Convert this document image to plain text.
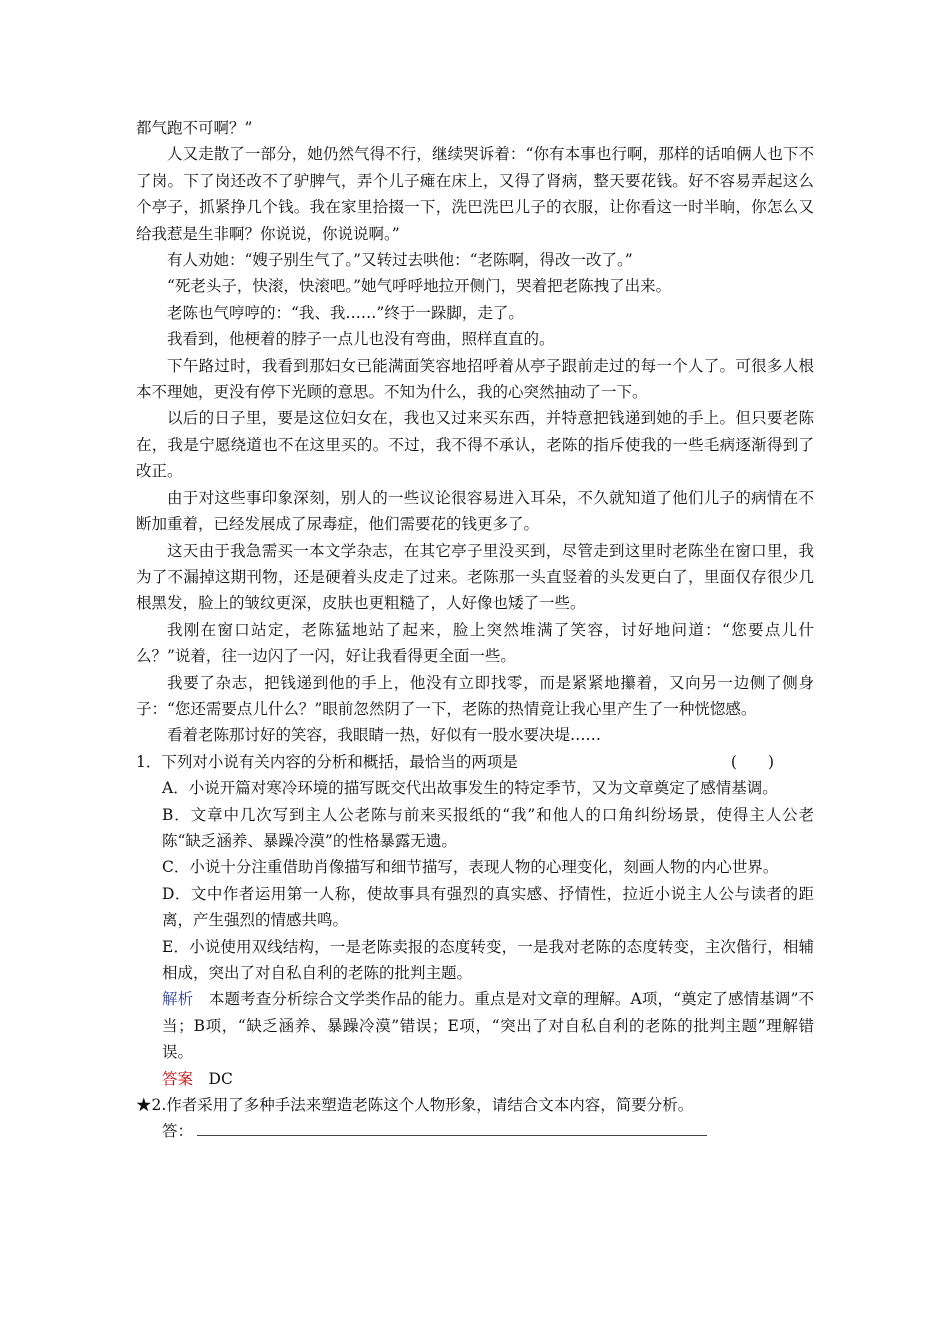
都气跑不可啊？”

人又走散了一部分，她仍然气得不行，继续哭诉着：“你有本事也行啊，那样的话咱俩人也下不了岗。下了岗还改不了驴脾气，弄个儿子瘫在床上，又得了肾病，整天要花钱。好不容易弄起这么个亭子，抓紧挣几个钱。我在家里拾掇一下，洗巴洗巴儿子的衣服，让你看这一时半晌，你怎么又给我惹是生非啊？你说说，你说说啊。”

有人劝她：“嫂子别生气了。”又转过去哄他：“老陈啊，得改一改了。”

“死老头子，快滚，快滚吧。”她气呼呼地拉开侧门，哭着把老陈拽了出来。

老陈也气哼哼的：“我、我……”终于一跺脚，走了。

我看到，他梗着的脖子一点儿也没有弯曲，照样直直的。

下午路过时，我看到那妇女已能满面笑容地招呼着从亭子跟前走过的每一个人了。可很多人根本不理她，更没有停下光顾的意思。不知为什么，我的心突然抽动了一下。

以后的日子里，要是这位妇女在，我也又过来买东西，并特意把钱递到她的手上。但只要老陈在，我是宁愿绕道也不在这里买的。不过，我不得不承认，老陈的指斥使我的一些毛病逐渐得到了改正。

由于对这些事印象深刻，别人的一些议论很容易进入耳朵，不久就知道了他们儿子的病情在不断加重着，已经发展成了尿毒症，他们需要花的钱更多了。

这天由于我急需买一本文学杂志，在其它亭子里没买到，尽管走到这里时老陈坐在窗口里，我为了不漏掉这期刊物，还是硬着头皮走了过来。老陈那一头直竖着的头发更白了，里面仅存很少几根黑发，脸上的皱纹更深，皮肤也更粗糙了，人好像也矮了一些。

我刚在窗口站定，老陈猛地站了起来，脸上突然堆满了笑容，讨好地问道：“您要点儿什么？”说着，往一边闪了一闪，好让我看得更全面一些。

我要了杂志，把钱递到他的手上，他没有立即找零，而是紧紧地攥着，又向另一边侧了侧身子：“您还需要点儿什么？”眼前忽然阴了一下，老陈的热情竟让我心里产生了一种恍惚感。

看着老陈那讨好的笑容，我眼睛一热，好似有一股水要决堤……

1．下列对小说有关内容的分析和概括，最恰当的两项是	(　　)

A．小说开篇对寒冷环境的描写既交代出故事发生的特定季节，又为文章奠定了感情基调。

B．文章中几次写到主人公老陈与前来买报纸的“我”和他人的口角纠纷场景，使得主人公老陈“缺乏涵养、暴躁冷漠”的性格暴露无遗。

C．小说十分注重借助肖像描写和细节描写，表现人物的心理变化，刻画人物的内心世界。

D．文中作者运用第一人称，使故事具有强烈的真实感、抒情性，拉近小说主人公与读者的距离，产生强烈的情感共鸣。

E．小说使用双线结构，一是老陈卖报的态度转变，一是我对老陈的态度转变，主次偕行，相辅相成，突出了对自私自利的老陈的批判主题。

解析　本题考查分析综合文学类作品的能力。重点是对文章的理解。A项，“奠定了感情基调”不当；B项，“缺乏涵养、暴躁冷漠”错误；E项，“突出了对自私自利的老陈的批判主题”理解错误。

答案　DC

★2.作者采用了多种手法来塑造老陈这个人物形象，请结合文本内容，简要分析。

答：
